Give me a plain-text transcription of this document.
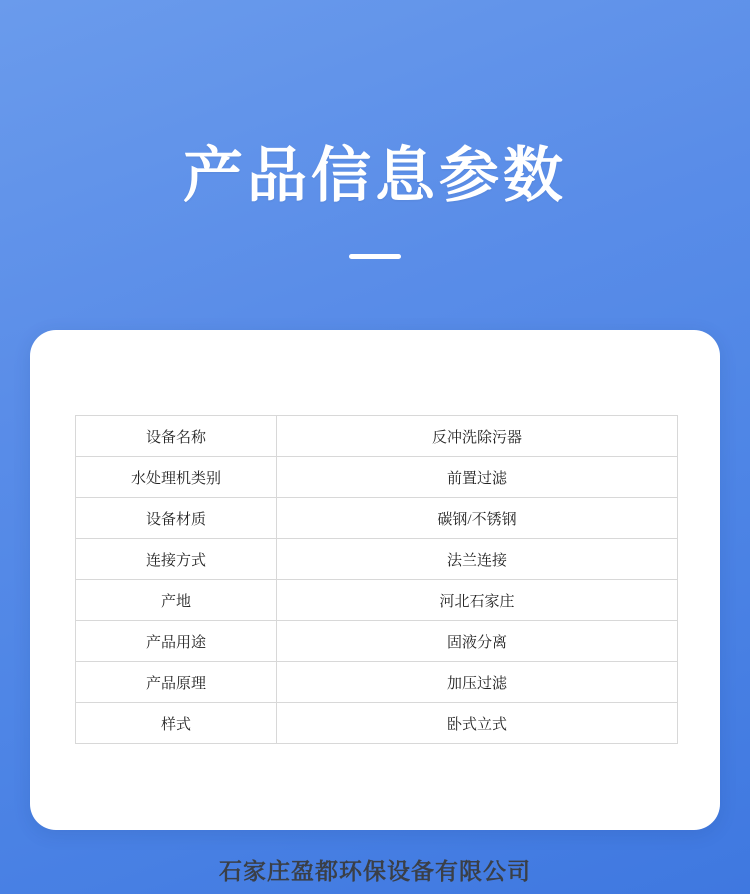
产品信息参数
设备名称	反冲洗除污器
水处理机类别	前置过滤
设备材质	碳钢/不锈钢
连接方式	法兰连接
产地	河北石家庄
产品用途	固液分离
产品原理	加压过滤
样式	卧式立式
石家庄盈都环保设备有限公司
